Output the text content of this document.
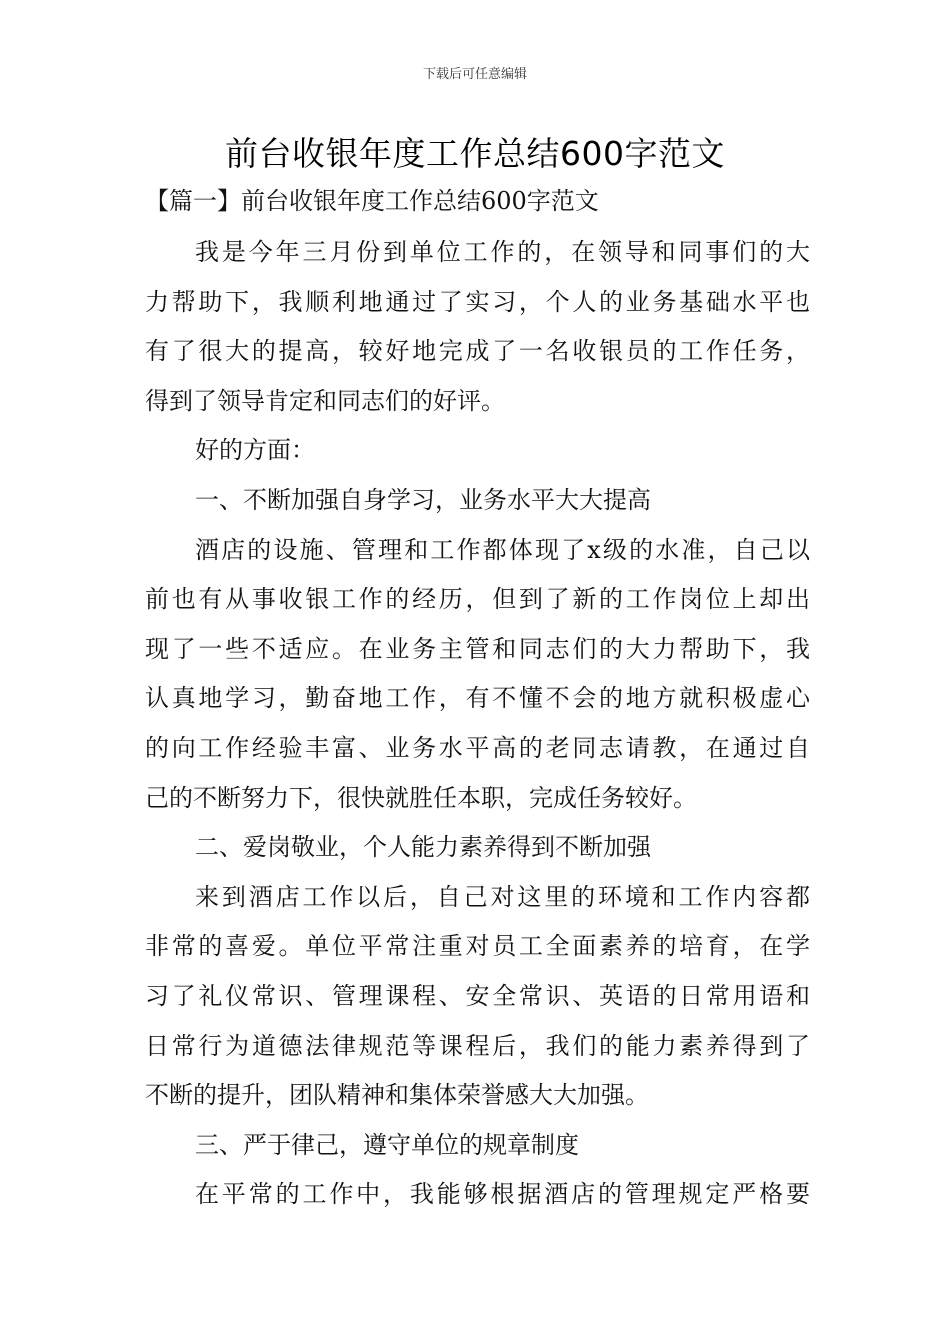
下载后可任意编辑
前台收银年度工作总结600字范文
【篇一】前台收银年度工作总结600字范文
我是今年三月份到单位工作的，在领导和同事们的大
力帮助下，我顺利地通过了实习，个人的业务基础水平也
有了很大的提高，较好地完成了一名收银员的工作任务，
得到了领导肯定和同志们的好评。
好的方面：
一、不断加强自身学习，业务水平大大提高
酒店的设施、管理和工作都体现了x级的水准，自己以
前也有从事收银工作的经历，但到了新的工作岗位上却出
现了一些不适应。在业务主管和同志们的大力帮助下，我
认真地学习，勤奋地工作，有不懂不会的地方就积极虚心
的向工作经验丰富、业务水平高的老同志请教，在通过自
己的不断努力下，很快就胜任本职，完成任务较好。
二、爱岗敬业，个人能力素养得到不断加强
来到酒店工作以后，自己对这里的环境和工作内容都
非常的喜爱。单位平常注重对员工全面素养的培育，在学
习了礼仪常识、管理课程、安全常识、英语的日常用语和
日常行为道德法律规范等课程后，我们的能力素养得到了
不断的提升，团队精神和集体荣誉感大大加强。
三、严于律己，遵守单位的规章制度
在平常的工作中，我能够根据酒店的管理规定严格要
